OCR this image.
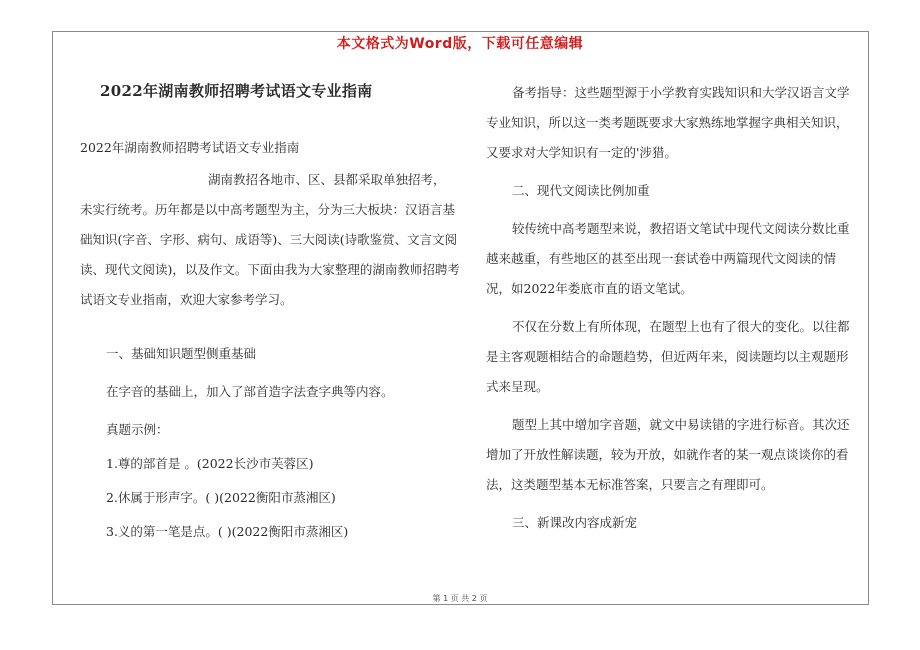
本文格式为Word版，下载可任意编辑
2022年湖南教师招聘考试语文专业指南

2022年湖南教师招聘考试语文专业指南

湖南教招各地市、区、县都采取单独招考，

未实行统考。历年都是以中高考题型为主，分为三大板块：汉语言基础知识(字音、字形、病句、成语等)、三大阅读(诗歌鉴赏、文言文阅读、现代文阅读)，以及作文。下面由我为大家整理的湖南教师招聘考试语文专业指南，欢迎大家参考学习。

一、基础知识题型侧重基础

在字音的基础上，加入了部首造字法查字典等内容。

真题示例：

1.尊的部首是 。(2022长沙市芙蓉区)

2.休属于形声字。( )(2022衡阳市蒸湘区)

3.义的第一笔是点。( )(2022衡阳市蒸湘区)

备考指导：这些题型源于小学教育实践知识和大学汉语言文学专业知识，所以这一类考题既要求大家熟练地掌握字典相关知识，又要求对大学知识有一定的'涉猎。

二、现代文阅读比例加重

较传统中高考题型来说，教招语文笔试中现代文阅读分数比重越来越重，有些地区的甚至出现一套试卷中两篇现代文阅读的情况，如2022年娄底市直的语文笔试。

不仅在分数上有所体现，在题型上也有了很大的变化。以往都是主客观题相结合的命题趋势，但近两年来，阅读题均以主观题形式来呈现。

题型上其中增加字音题，就文中易读错的字进行标音。其次还增加了开放性解读题，较为开放，如就作者的某一观点谈谈你的看法，这类题型基本无标准答案，只要言之有理即可。

三、新课改内容成新宠

第 1 页 共 2 页
